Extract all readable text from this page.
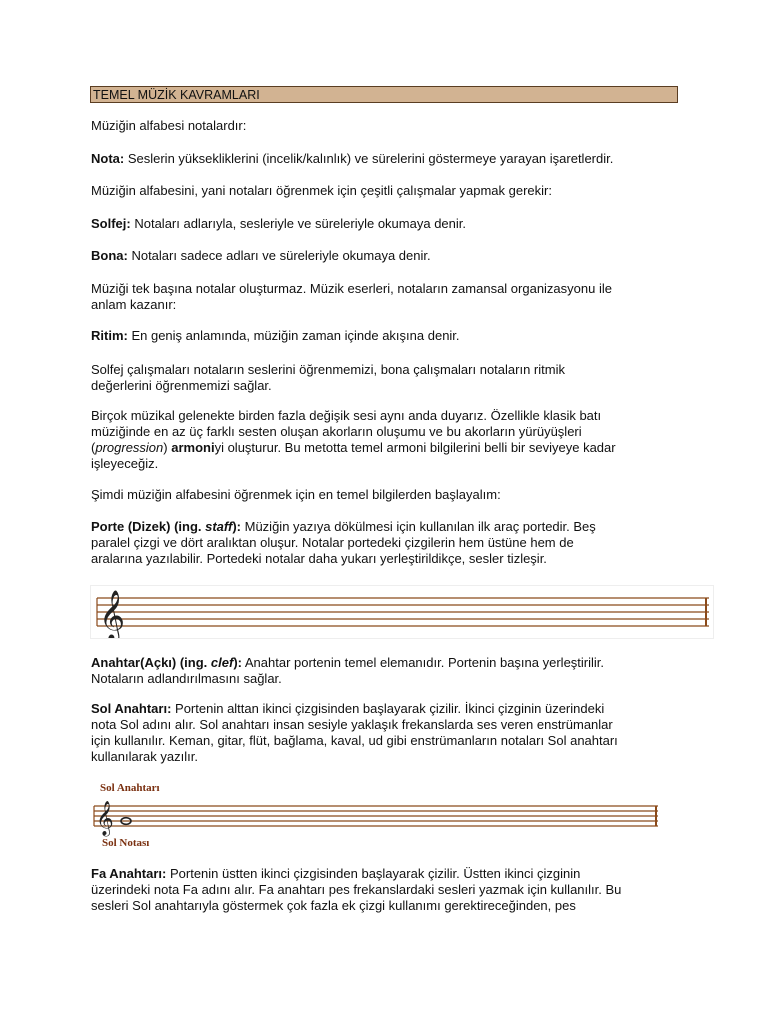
TEMEL MÜZİK KAVRAMLARI

Müziğin alfabesi notalardır:

Nota: Seslerin yüksekliklerini (incelik/kalınlık) ve sürelerini göstermeye yarayan işaretlerdir.

Müziğin alfabesini, yani notaları öğrenmek için çeşitli çalışmalar yapmak gerekir:

Solfej: Notaları adlarıyla, sesleriyle ve süreleriyle okumaya denir.

Bona: Notaları sadece adları ve süreleriyle okumaya denir.

Müziği tek başına notalar oluşturmaz. Müzik eserleri, notaların zamansal organizasyonu ile
anlam kazanır:

Ritim: En geniş anlamında, müziğin zaman içinde akışına denir.

Solfej çalışmaları notaların seslerini öğrenmemizi, bona çalışmaları notaların ritmik
değerlerini öğrenmemizi sağlar.

Birçok müzikal gelenekte birden fazla değişik sesi aynı anda duyarız. Özellikle klasik batı
müziğinde en az üç farklı sesten oluşan akorların oluşumu ve bu akorların yürüyüşleri
(progression) armoniyi oluşturur. Bu metotta temel armoni bilgilerini belli bir seviyeye kadar
işleyeceğiz.

Şimdi müziğin alfabesini öğrenmek için en temel bilgilerden başlayalım:

Porte (Dizek) (ing. staff): Müziğin yazıya dökülmesi için kullanılan ilk araç portedir. Beş
paralel çizgi ve dört aralıktan oluşur. Notalar portedeki çizgilerin hem üstüne hem de
aralarına yazılabilir. Portedeki notalar daha yukarı yerleştirildikçe, sesler tizleşir.

𝄞

Anahtar(Açkı) (ing. clef): Anahtar portenin temel elemanıdır. Portenin başına yerleştirilir.
Notaların adlandırılmasını sağlar.

Sol Anahtarı: Portenin alttan ikinci çizgisinden başlayarak çizilir. İkinci çizginin üzerindeki
nota Sol adını alır. Sol anahtarı insan sesiyle yaklaşık frekanslarda ses veren enstrümanlar
için kullanılır. Keman, gitar, flüt, bağlama, kaval, ud gibi enstrümanların notaları Sol anahtarı
kullanılarak yazılır.

Sol Anahtarı
𝄞
Sol Notası

Fa Anahtarı: Portenin üstten ikinci çizgisinden başlayarak çizilir. Üstten ikinci çizginin
üzerindeki nota Fa adını alır. Fa anahtarı pes frekanslardaki sesleri yazmak için kullanılır. Bu
sesleri Sol anahtarıyla göstermek çok fazla ek çizgi kullanımı gerektireceğinden, pes
